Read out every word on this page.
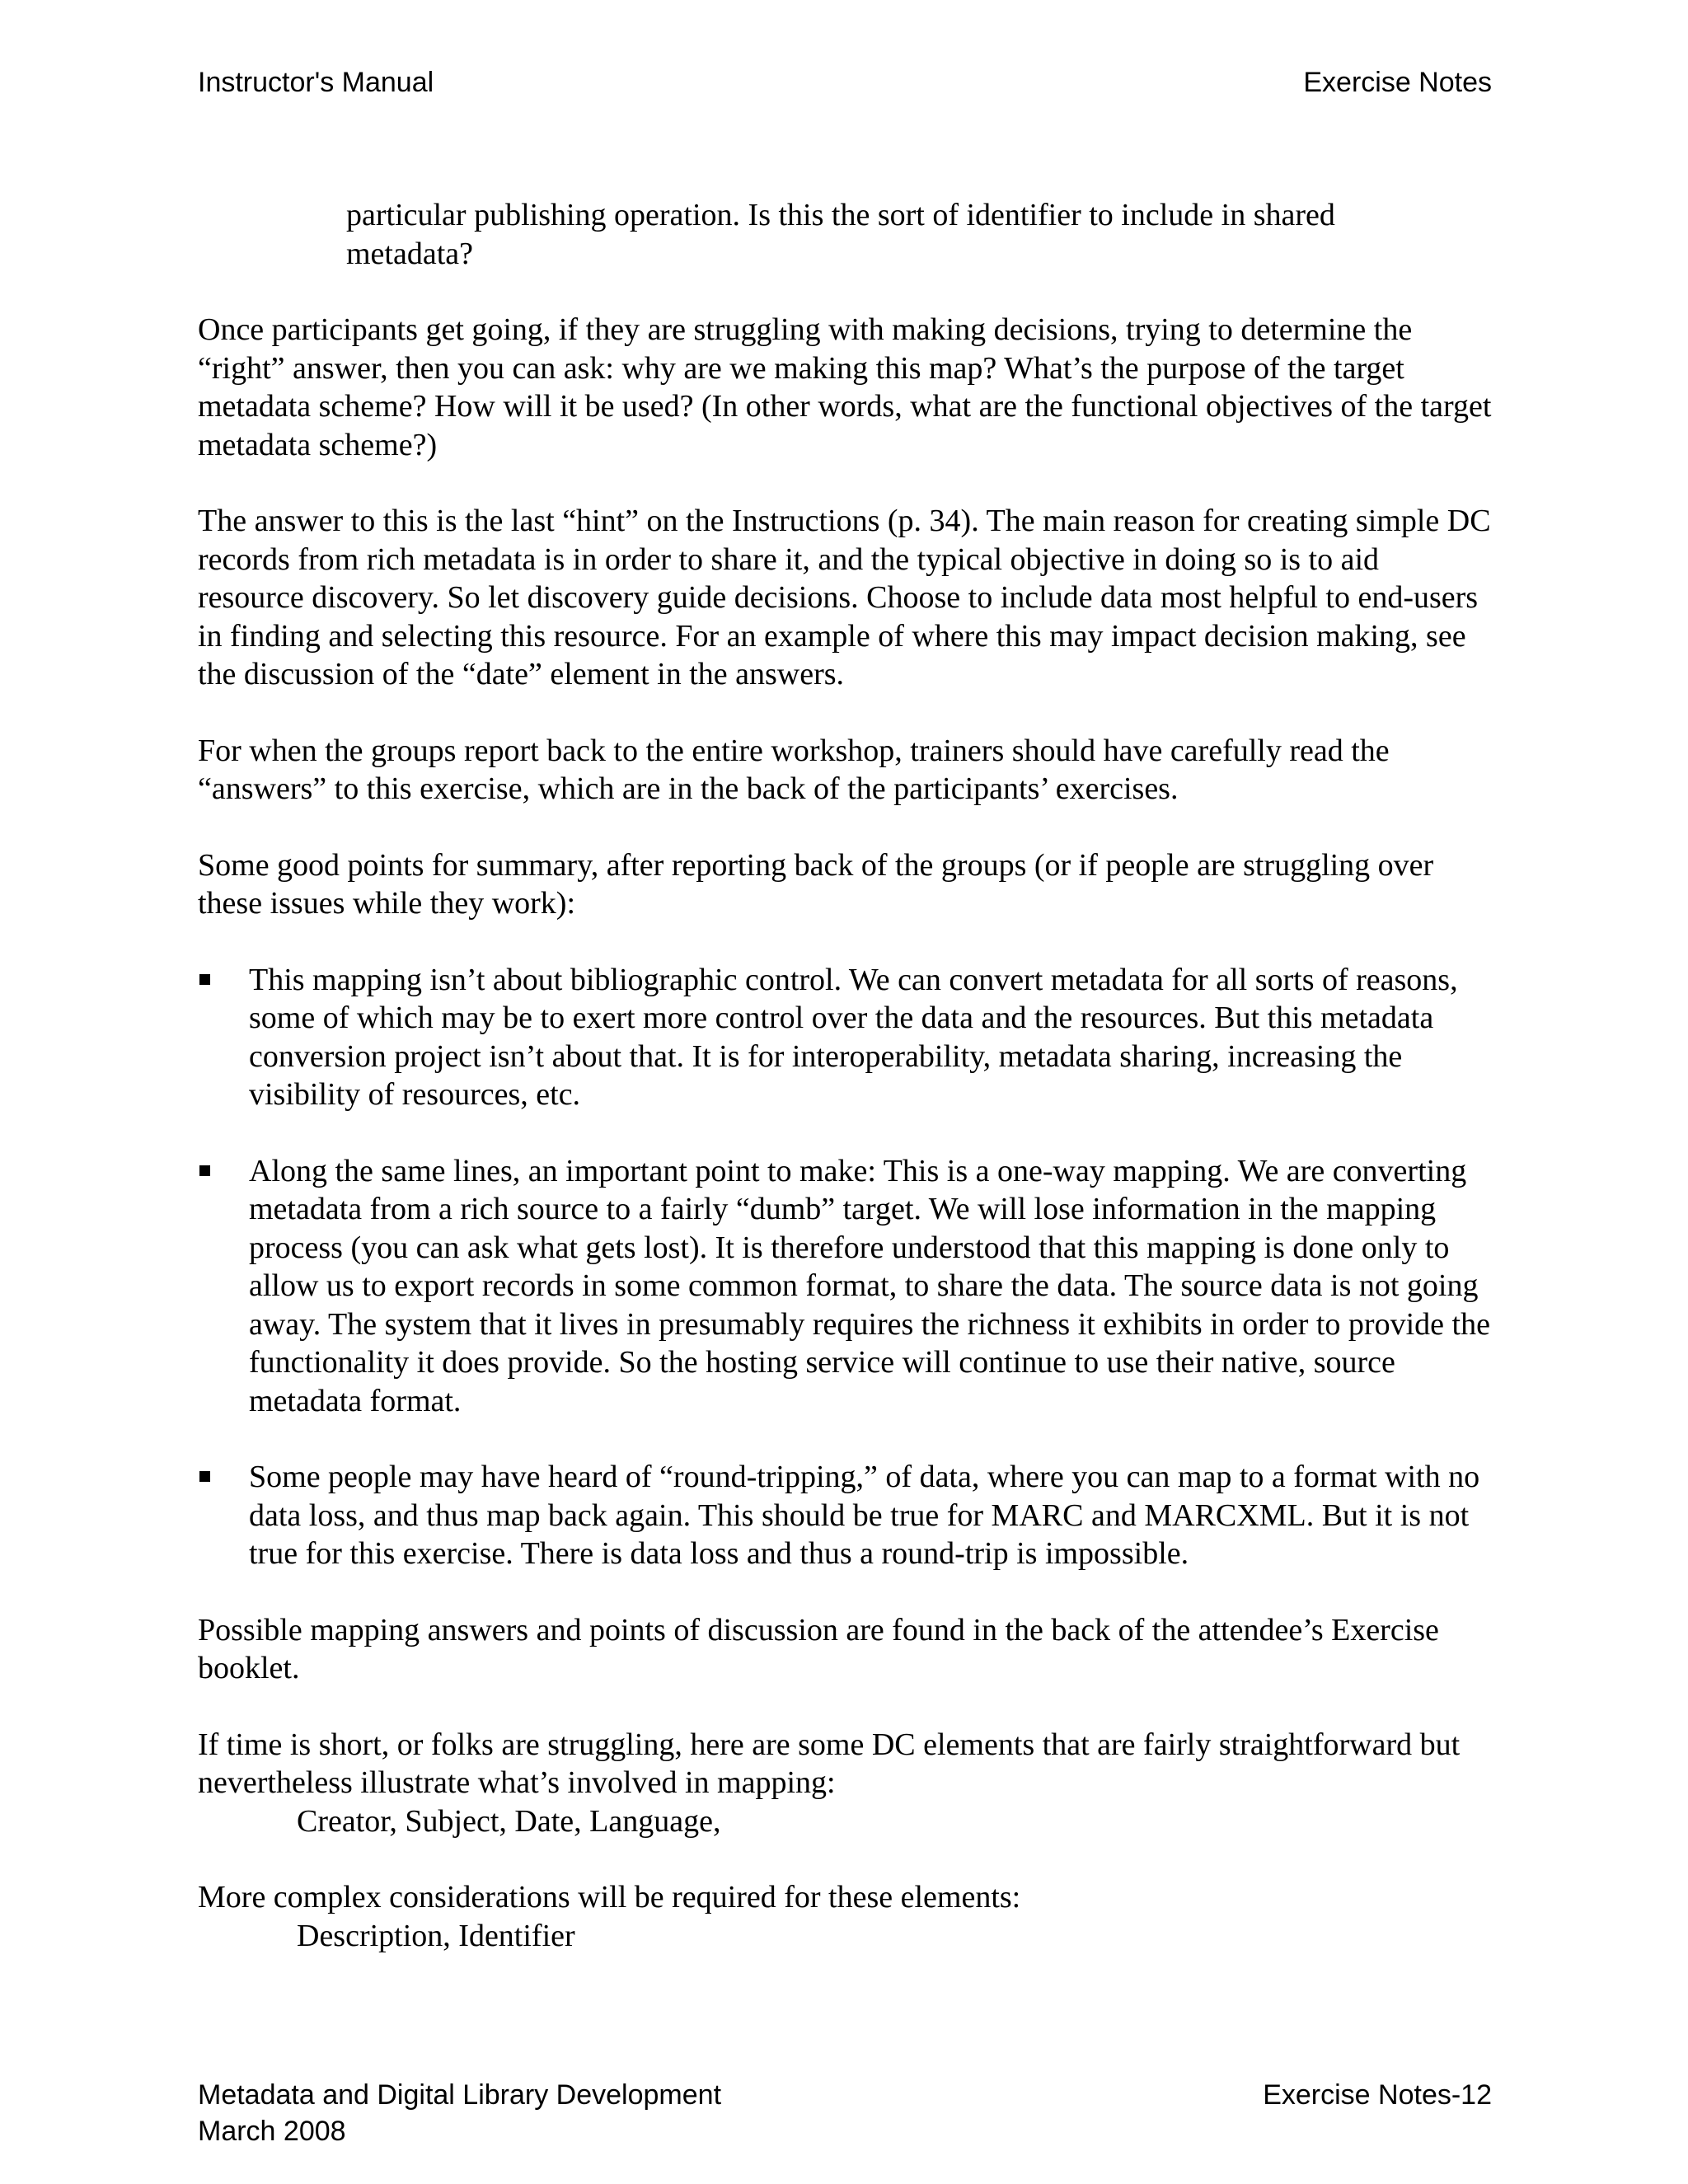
Instructor's Manual	Exercise Notes

particular publishing operation. Is this the sort of identifier to include in shared metadata?

Once participants get going, if they are struggling with making decisions, trying to determine the “right” answer, then you can ask: why are we making this map? What’s the purpose of the target metadata scheme? How will it be used? (In other words, what are the functional objectives of the target metadata scheme?)

The answer to this is the last “hint” on the Instructions (p. 34). The main reason for creating simple DC records from rich metadata is in order to share it, and the typical objective in doing so is to aid resource discovery. So let discovery guide decisions. Choose to include data most helpful to end-users in finding and selecting this resource. For an example of where this may impact decision making, see the discussion of the “date” element in the answers.

For when the groups report back to the entire workshop, trainers should have carefully read the “answers” to this exercise, which are in the back of the participants’ exercises.

Some good points for summary, after reporting back of the groups (or if people are struggling over these issues while they work):

This mapping isn’t about bibliographic control. We can convert metadata for all sorts of reasons, some of which may be to exert more control over the data and the resources. But this metadata conversion project isn’t about that. It is for interoperability, metadata sharing, increasing the visibility of resources, etc.
Along the same lines, an important point to make: This is a one-way mapping. We are converting metadata from a rich source to a fairly “dumb” target. We will lose information in the mapping process (you can ask what gets lost). It is therefore understood that this mapping is done only to allow us to export records in some common format, to share the data. The source data is not going away. The system that it lives in presumably requires the richness it exhibits in order to provide the functionality it does provide. So the hosting service will continue to use their native, source metadata format.
Some people may have heard of “round-tripping,” of data, where you can map to a format with no data loss, and thus map back again. This should be true for MARC and MARCXML. But it is not true for this exercise. There is data loss and thus a round-trip is impossible.

Possible mapping answers and points of discussion are found in the back of the attendee’s Exercise booklet.

If time is short, or folks are struggling, here are some DC elements that are fairly straightforward but nevertheless illustrate what’s involved in mapping:

Creator, Subject, Date, Language,

More complex considerations will be required for these elements:

Description, Identifier

Metadata and Digital Library Development	Exercise Notes-12
March 2008
